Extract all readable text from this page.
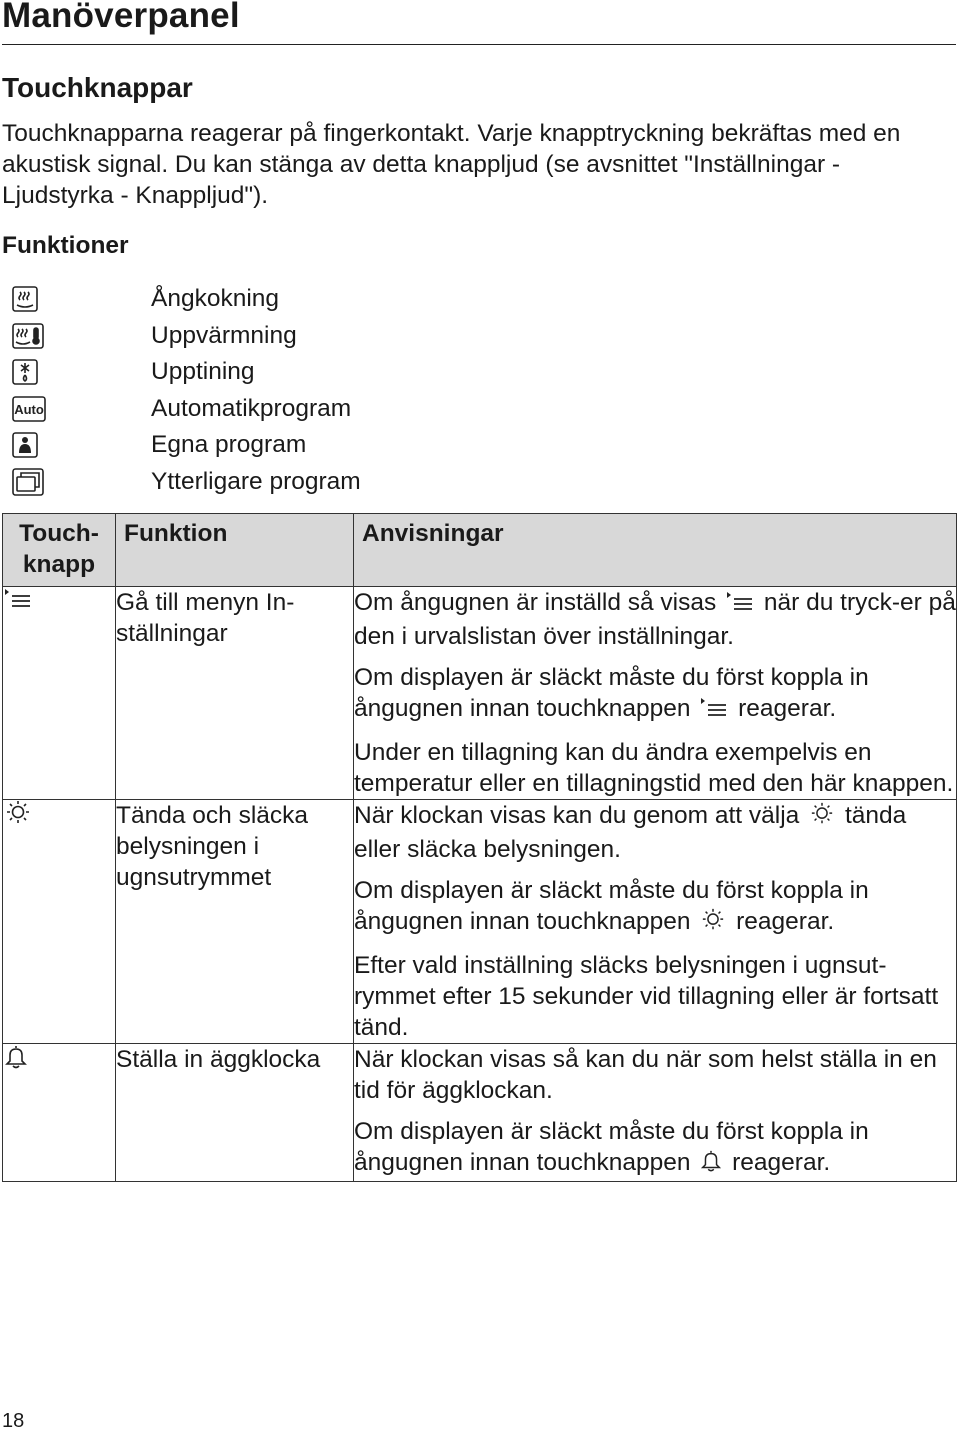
Manöverpanel
Touchknappar
Touchknapparna reagerar på fingerkontakt. Varje knapptryckning bekräftas med en akustisk signal. Du kan stänga av detta knappljud (se avsnittet "Inställningar - Ljudstyrka - Knappljud").
Funktioner
Ångkokning
Uppvärmning
Upptining
Auto	Automatikprogram
Egna program
Ytterligare program
Touch-knapp	Funktion	Anvisningar
	Gå till menyn In-ställningar	Om ångugnen är inställd så visas när du tryck-er på den i urvalslistan över inställningar.

Om displayen är släckt måste du först koppla in ångugnen innan touchknappen reagerar.

Under en tillagning kan du ändra exempelvis en temperatur eller en tillagningstid med den här knappen.

	Tända och släcka belysningen i ugnsutrymmet	När klockan visas kan du genom att välja tända eller släcka belysningen.

Om displayen är släckt måste du först koppla in ångugnen innan touchknappen reagerar.

Efter vald inställning släcks belysningen i ugnsut-rymmet efter 15 sekunder vid tillagning eller är fortsatt tänd.

	Ställa in äggklocka	När klockan visas så kan du när som helst ställa in en tid för äggklockan.

Om displayen är släckt måste du först koppla in ångugnen innan touchknappen reagerar.

18
